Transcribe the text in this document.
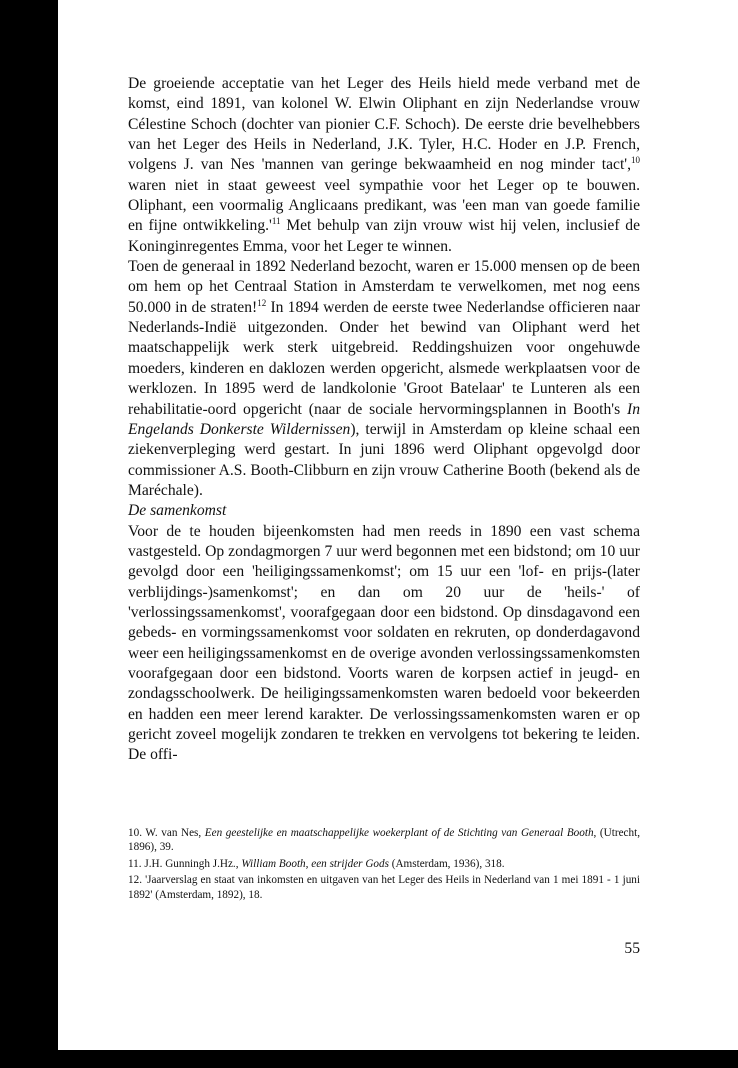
De groeiende acceptatie van het Leger des Heils hield mede verband met de komst, eind 1891, van kolonel W. Elwin Oliphant en zijn Nederlandse vrouw Célestine Schoch (dochter van pionier C.F. Schoch). De eerste drie bevelhebbers van het Leger des Heils in Nederland, J.K. Tyler, H.C. Hoder en J.P. French, volgens J. van Nes 'mannen van geringe bekwaamheid en nog minder tact',$^{10}$ waren niet in staat geweest veel sympathie voor het Leger op te bouwen. Oliphant, een voormalig Anglicaans predikant, was 'een man van goede familie en fijne $ontwikkeling.'^{11}$ Met behulp van zijn vrouw wist hij velen, inclusief de Koninginregentes Emma, voor het Leger te winnen.

Toen de generaal in 1892 Nederland bezocht, waren er 15.000 mensen op de been om hem op het Centraal Station in Amsterdam te verwelkomen, met nog eens 50.000 in de straten!$^{12}$ In 1894 werden de eerste twee Nederlandse officieren naar Nederlands-Indië uitgezonden. Onder het bewind van Oliphant werd het maatschappelijk werk sterk uitgebreid. Reddingshuizen voor ongehuwde moeders, kinderen en daklozen werden opgericht, alsmede werkplaatsen voor de werklozen. In 1895 werd de landkolonie 'Groot Batelaar' te Lunteren als een rehabilitatie-oord opgericht (naar de sociale hervormingsplannen in Booth's In Engelands Donkerste Wildernissen), terwijl in Amsterdam op kleine schaal een ziekenverpleging werd gestart. In juni 1896 werd Oliphant opgevolgd door commissioner A.S. Booth-Clibburn en zijn vrouw Catherine Booth (bekend als de Maréchale).

De samenkomst

Voor de te houden bijeenkomsten had men reeds in 1890 een vast schema vastgesteld. Op zondagmorgen 7 uur werd begonnen met een bidstond; om 10 uur gevolgd door een 'heiligingssamenkomst'; om 15 uur een 'lof- en prijs-(later verblijdings-)samenkomst'; en dan om 20 uur de 'heils-' of 'verlossingssamenkomst', voorafgegaan door een bidstond. Op dinsdagavond een gebeds- en vormingssamenkomst voor soldaten en rekruten, op donderdagavond weer een heiligingssamenkomst en de overige avonden verlossingssamenkomsten voorafgegaan door een bidstond. Voorts waren de korpsen actief in jeugd- en zondagsschoolwerk. De heiligingssamenkomsten waren bedoeld voor bekeerden en hadden een meer lerend karakter. De verlossingssamenkomsten waren er op gericht zoveel mogelijk zondaren te trekken en vervolgens tot bekering te leiden. De offi-

10. W. van Nes, Een geestelijke en maatschappelijke woekerplant of de Stichting van Generaal Booth, (Utrecht, 1896), 39.

11. J.H. Gunningh J.Hz., William Booth, een strijder Gods (Amsterdam, 1936), 318.

12. 'Jaarverslag en staat van inkomsten en uitgaven van het Leger des Heils in Nederland van 1 mei 1891 - 1 juni 1892' (Amsterdam, 1892), 18.

55
